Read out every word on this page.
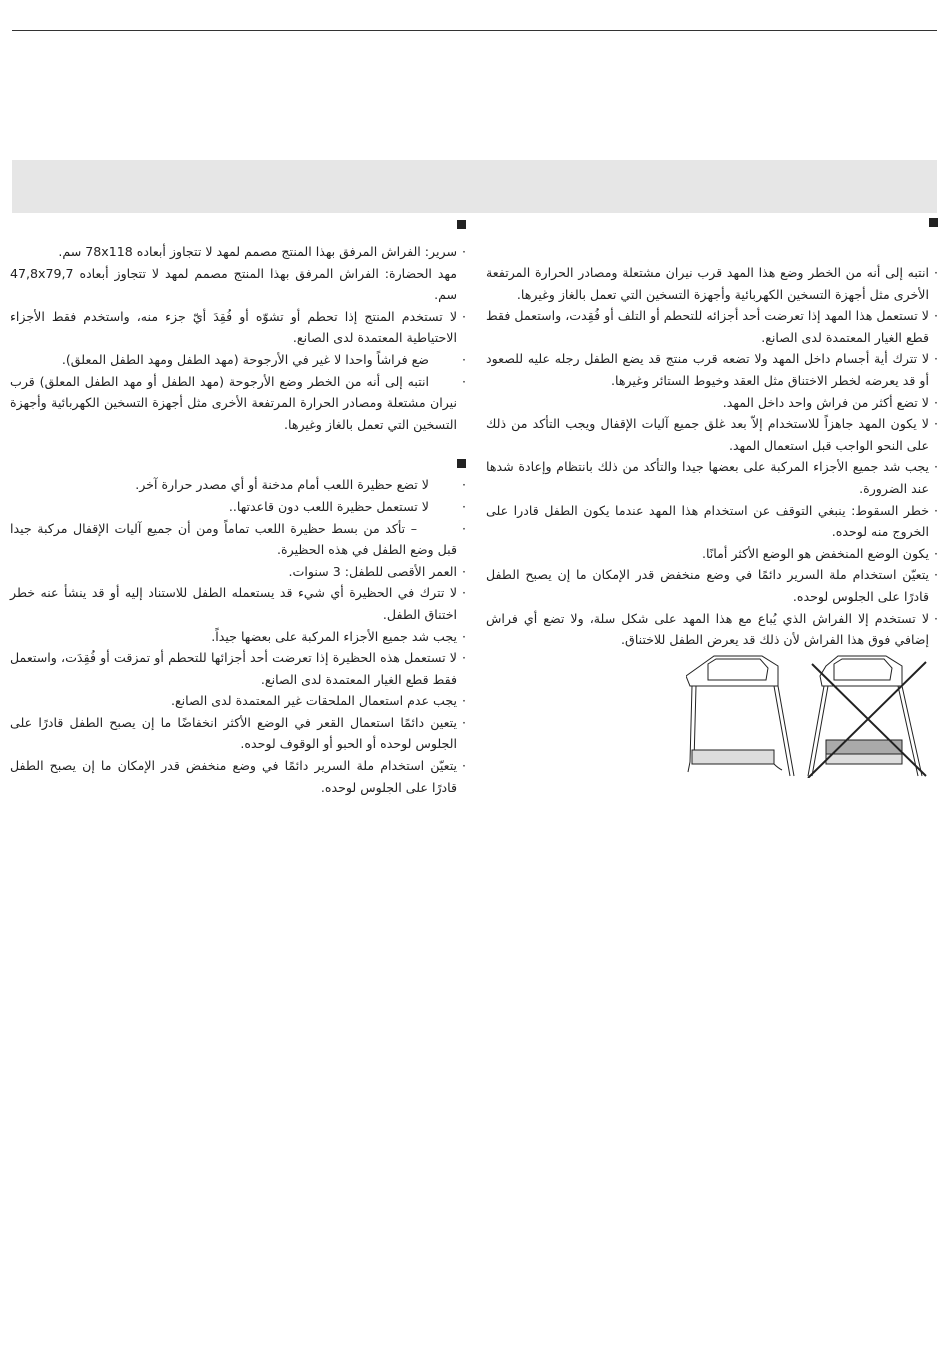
· انتبه إلى أنه من الخطر وضع هذا المهد قرب نيران مشتعلة ومصادر الحرارة المرتفعة الأخرى مثل أجهزة التسخين الكهربائية وأجهزة التسخين التي تعمل بالغاز وغيرها.
· لا تستعمل هذا المهد إذا تعرضت أحد أجزائه للتحطم أو التلف أو فُقِدت، واستعمل فقط قطع الغيار المعتمدة لدى الصانع.
· لا تترك أية أجسام داخل المهد ولا تضعه قرب منتج قد يضع الطفل رجله عليه للصعود أو قد يعرضه لخطر الاختناق مثل العقد وخيوط الستائر وغيرها.
· لا تضع أكثر من فراش واحد داخل المهد.
· لا يكون المهد جاهزاً للاستخدام إلاّ بعد غلق جميع آليات الإقفال ويجب التأكد من ذلك على النحو الواجب قبل استعمال المهد.
· يجب شد جميع الأجزاء المركبة على بعضها جيدا والتأكد من ذلك بانتظام وإعادة شدها عند الضرورة.
· خطر السقوط: ينبغي التوقف عن استخدام هذا المهد عندما يكون الطفل قادرا على الخروج منه لوحده.
· يكون الوضع المنخفض هو الوضع الأكثر أمانًا.
· يتعيّن استخدام ملة السرير دائمًا في وضع منخفض قدر الإمكان ما إن يصبح الطفل قادرًا على الجلوس لوحده.
· لا تستخدم إلا الفراش الذي يُباع مع هذا المهد على شكل سلة، ولا تضع أي فراش إضافي فوق هذا الفراش لأن ذلك قد يعرض الطفل للاختناق.
· سرير: الفراش المرفق بهذا المنتج مصمم لمهد لا تتجاوز أبعاده 78x118 سم.
مهد الحضارة: الفراش المرفق بهذا المنتج مصمم لمهد لا تتجاوز أبعاده 47,8x79,7 سم.
· لا تستخدم المنتج إذا تحطم أو تشوّه أو فُقِدَ أيّ جزء منه، واستخدم فقط الأجزاء الاحتياطية المعتمدة لدى الصانع.
· ضع فراشاً واحدا لا غير في الأرجوحة (مهد الطفل ومهد الطفل المعلق).
· انتبه إلى أنه من الخطر وضع الأرجوحة (مهد الطفل أو مهد الطفل المعلق) قرب نيران مشتعلة ومصادر الحرارة المرتفعة الأخرى مثل أجهزة التسخين الكهربائية وأجهزة التسخين التي تعمل بالغاز وغيرها.
· لا تضع حظيرة اللعب أمام مدخنة أو أي مصدر حرارة آخر.
· لا تستعمل حظيرة اللعب دون قاعدتها..
· – تأكد من بسط حظيرة اللعب تماماً ومن أن جميع آليات الإقفال مركبة جيدا قبل وضع الطفل في هذه الحظيرة.
· العمر الأقصى للطفل: 3 سنوات.
· لا تترك في الحظيرة أي شيء قد يستعمله الطفل للاستناد إليه أو قد ينشأ عنه خطر اختناق الطفل.
· يجب شد جميع الأجزاء المركبة على بعضها جيداً.
· لا تستعمل هذه الحظيرة إذا تعرضت أحد أجزائها للتحطم أو تمزقت أو فُقِدَت، واستعمل فقط قطع الغيار المعتمدة لدى الصانع.
· يجب عدم استعمال الملحقات غير المعتمدة لدى الصانع.
· يتعين دائمًا استعمال القعر في الوضع الأكثر انخفاضًا ما إن يصبح الطفل قادرًا على الجلوس لوحده أو الحبو أو الوقوف لوحده.
· يتعيّن استخدام ملة السرير دائمًا في وضع منخفض قدر الإمكان ما إن يصبح الطفل قادرًا على الجلوس لوحده.
